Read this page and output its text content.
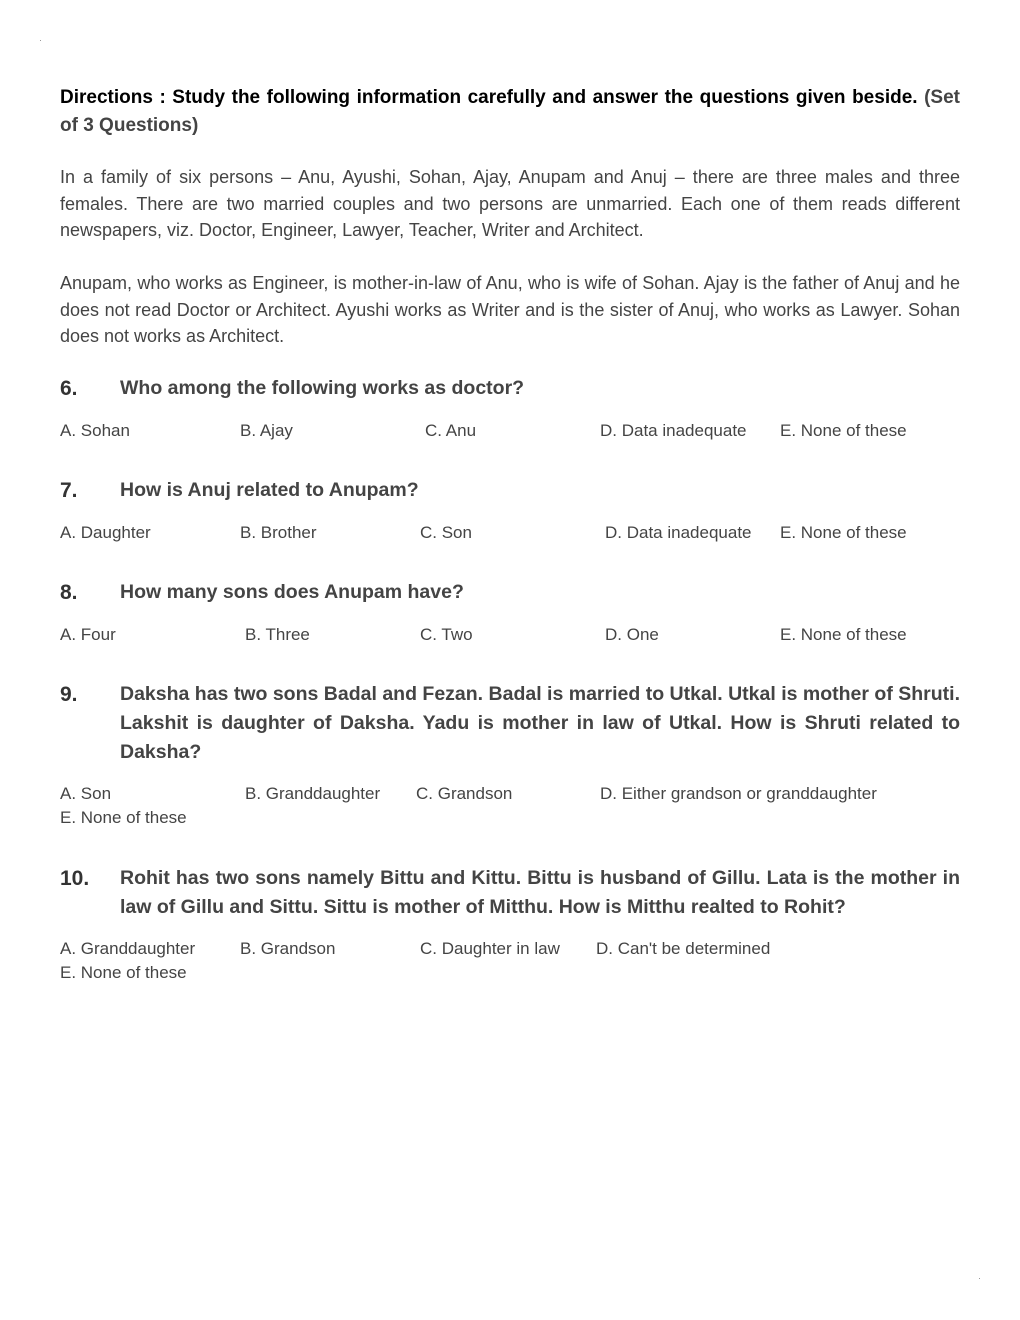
Directions : Study the following information carefully and answer the questions given beside. (Set of 3 Questions)
In a family of six persons – Anu, Ayushi, Sohan, Ajay, Anupam and Anuj – there are three males and three females. There are two married couples and two persons are unmarried. Each one of them reads different newspapers, viz. Doctor, Engineer, Lawyer, Teacher, Writer and Architect.
Anupam, who works as Engineer, is mother-in-law of Anu, who is wife of Sohan. Ajay is the father of Anuj and he does not read Doctor or Architect. Ayushi works as Writer and is the sister of Anuj, who works as Lawyer. Sohan does not works as Architect.
6. Who among the following works as doctor?
A. Sohan	B. Ajay	C. Anu	D. Data inadequate E. None of these
7. How is Anuj related to Anupam?
A. Daughter	B. Brother	C. Son	D. Data inadequate E. None of these
8. How many sons does Anupam have?
A. Four	B. Three	C. Two	D. One	E. None of these
9. Daksha has two sons Badal and Fezan. Badal is married to Utkal. Utkal is mother of Shruti. Lakshit is daughter of Daksha. Yadu is mother in law of Utkal. How is Shruti related to Daksha?
A. Son	B. Granddaughter C. Grandson	D. Either grandson or granddaughter
E. None of these
10. Rohit has two sons namely Bittu and Kittu. Bittu is husband of Gillu. Lata is the mother in law of Gillu and Sittu. Sittu is mother of Mitthu. How is Mitthu realted to Rohit?
A. Granddaughter	B. Grandson	C. Daughter in law D. Can't be determined
E. None of these
